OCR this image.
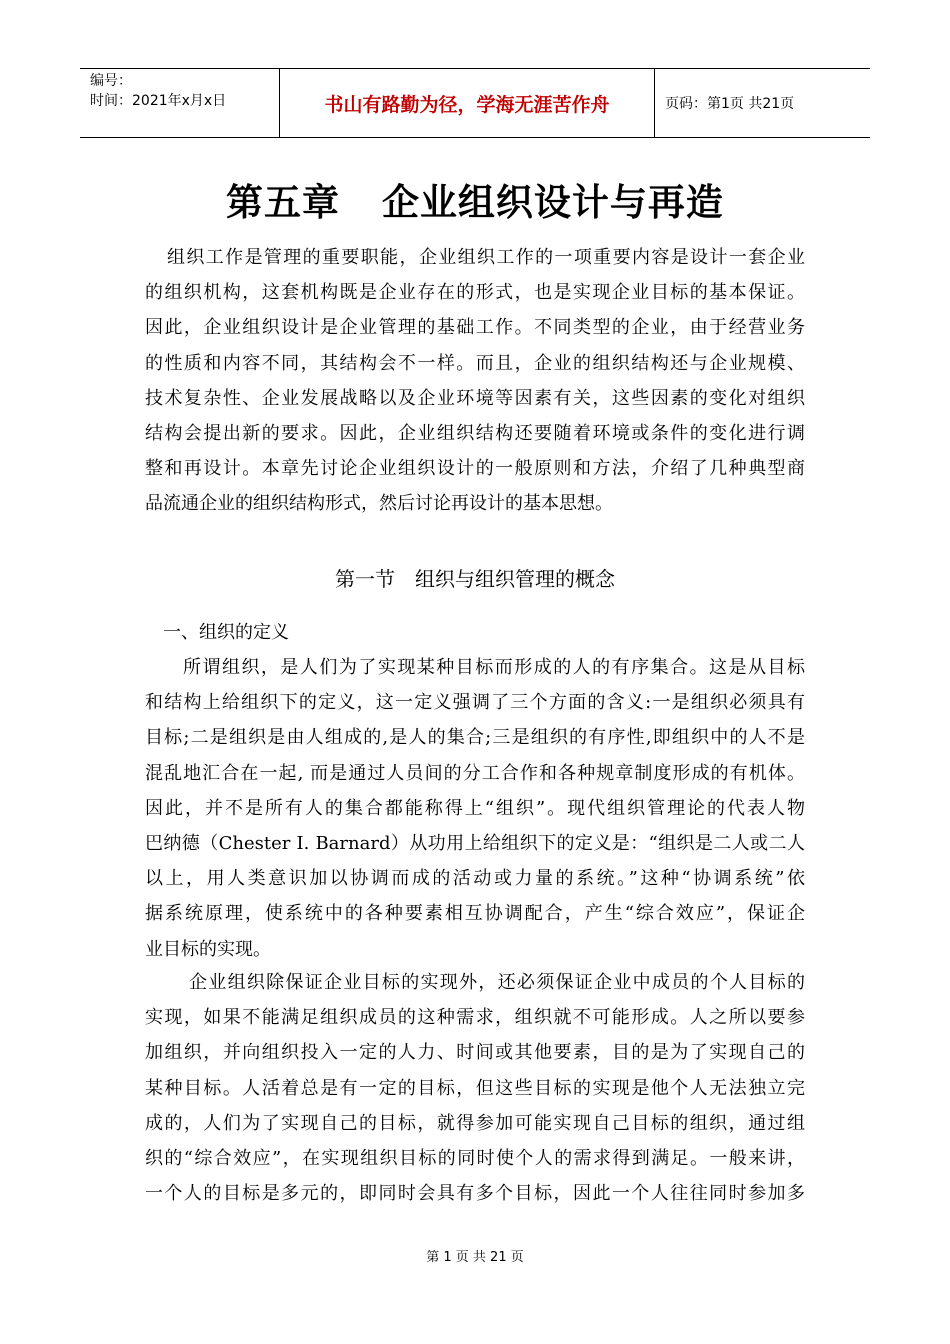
编号：
时间：2021年x月x日	书山有路勤为径，学海无涯苦作舟	页码：第1页 共21页
第五章 企业组织设计与再造
组织工作是管理的重要职能，企业组织工作的一项重要内容是设计一套企业
的组织机构，这套机构既是企业存在的形式，也是实现企业目标的基本保证。
因此，企业组织设计是企业管理的基础工作。不同类型的企业，由于经营业务
的性质和内容不同，其结构会不一样。而且，企业的组织结构还与企业规模、
技术复杂性、企业发展战略以及企业环境等因素有关，这些因素的变化对组织
结构会提出新的要求。因此，企业组织结构还要随着环境或条件的变化进行调
整和再设计。本章先讨论企业组织设计的一般原则和方法，介绍了几种典型商
品流通企业的组织结构形式，然后讨论再设计的基本思想。
第一节　组织与组织管理的概念
一、组织的定义
所谓组织，是人们为了实现某种目标而形成的人的有序集合。这是从目标
和结构上给组织下的定义，这一定义强调了三个方面的含义:一是组织必须具有
目标;二是组织是由人组成的,是人的集合;三是组织的有序性,即组织中的人不是
混乱地汇合在一起, 而是通过人员间的分工合作和各种规章制度形成的有机体。
因此，并不是所有人的集合都能称得上“组织”。现代组织管理论的代表人物
巴纳德（Chester I. Barnard）从功用上给组织下的定义是：“组织是二人或二人
以上，用人类意识加以协调而成的活动或力量的系统。”这种“协调系统”依
据系统原理，使系统中的各种要素相互协调配合，产生“综合效应”，保证企
业目标的实现。
企业组织除保证企业目标的实现外，还必须保证企业中成员的个人目标的
实现，如果不能满足组织成员的这种需求，组织就不可能形成。人之所以要参
加组织，并向组织投入一定的人力、时间或其他要素，目的是为了实现自己的
某种目标。人活着总是有一定的目标，但这些目标的实现是他个人无法独立完
成的，人们为了实现自己的目标，就得参加可能实现自己目标的组织，通过组
织的“综合效应”，在实现组织目标的同时使个人的需求得到满足。一般来讲，
一个人的目标是多元的，即同时会具有多个目标，因此一个人往往同时参加多
第 1 页 共 21 页
